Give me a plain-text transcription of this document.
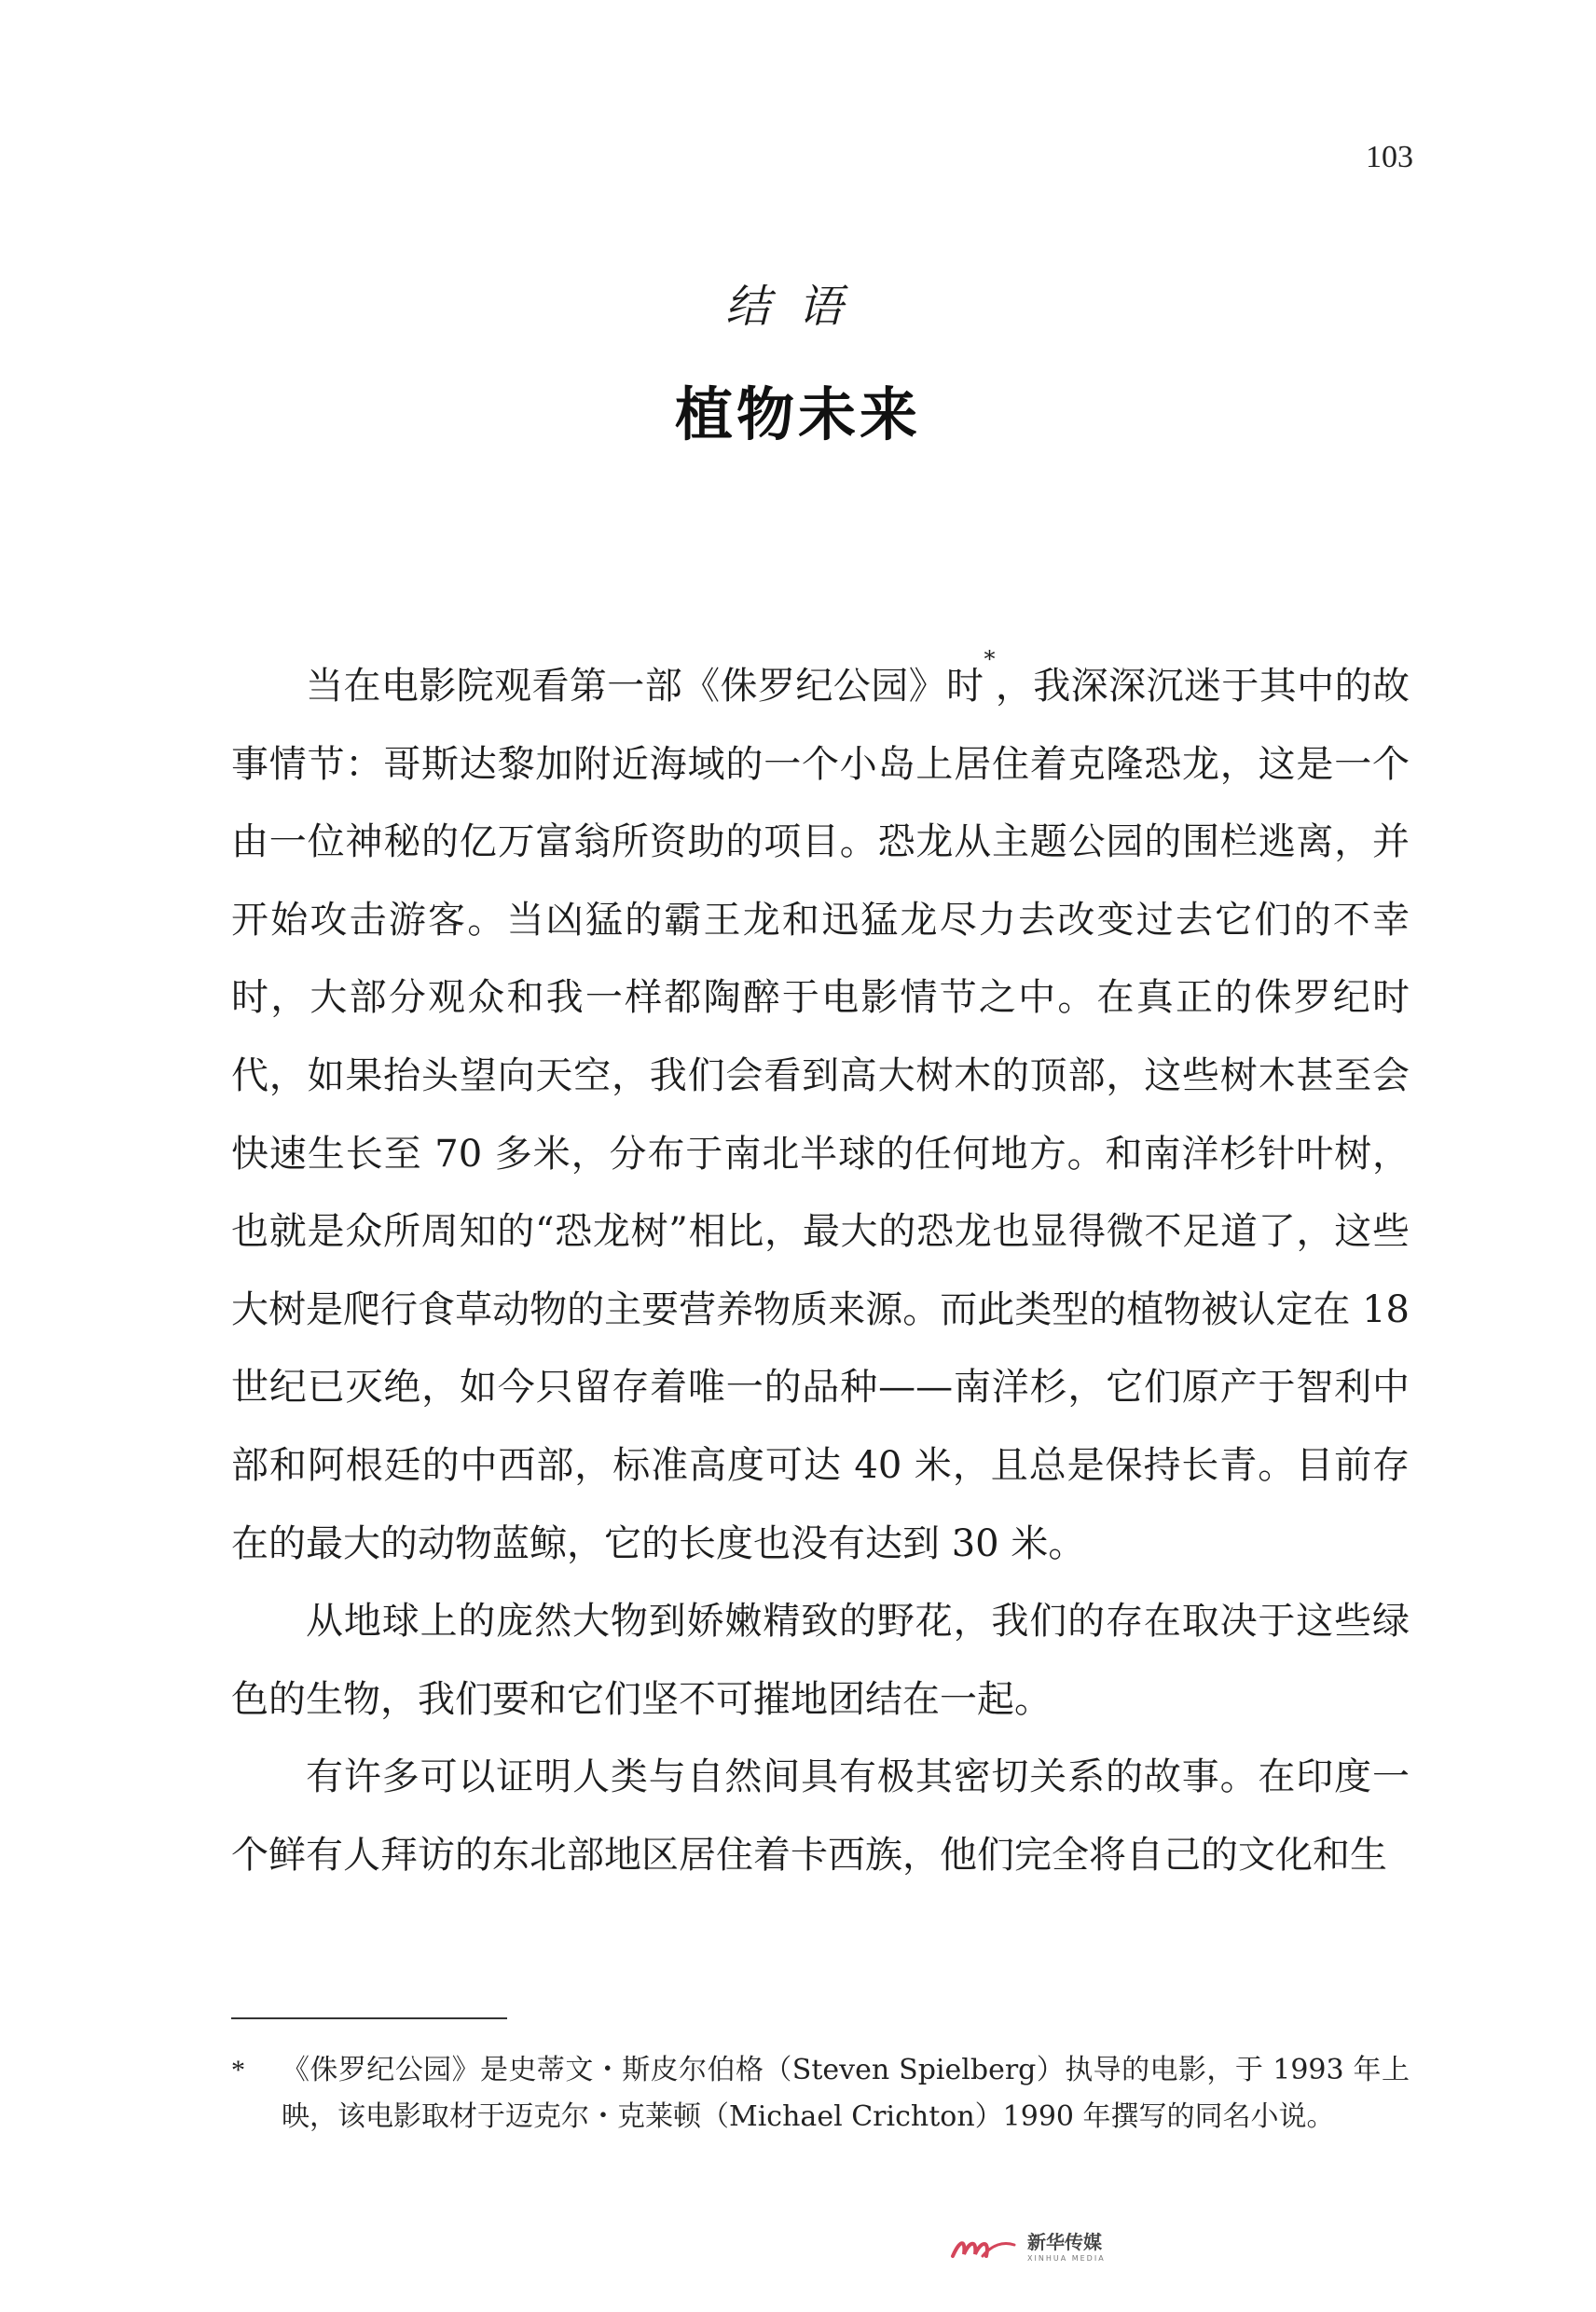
103
结语
植物未来

当在电影院观看第一部《侏罗纪公园》时*，我深深沉迷于其中的故事情节：哥斯达黎加附近海域的一个小岛上居住着克隆恐龙，这是一个由一位神秘的亿万富翁所资助的项目。恐龙从主题公园的围栏逃离，并开始攻击游客。当凶猛的霸王龙和迅猛龙尽力去改变过去它们的不幸时，大部分观众和我一样都陶醉于电影情节之中。在真正的侏罗纪时代，如果抬头望向天空，我们会看到高大树木的顶部，这些树木甚至会快速生长至 70 多米，分布于南北半球的任何地方。和南洋杉针叶树，也就是众所周知的“恐龙树”相比，最大的恐龙也显得微不足道了，这些大树是爬行食草动物的主要营养物质来源。而此类型的植物被认定在 18 世纪已灭绝，如今只留存着唯一的品种——南洋杉，它们原产于智利中部和阿根廷的中西部，标准高度可达 40 米，且总是保持长青。目前存在的最大的动物蓝鲸，它的长度也没有达到 30 米。

从地球上的庞然大物到娇嫩精致的野花，我们的存在取决于这些绿色的生物，我们要和它们坚不可摧地团结在一起。

有许多可以证明人类与自然间具有极其密切关系的故事。在印度一个鲜有人拜访的东北部地区居住着卡西族，他们完全将自己的文化和生

*	《侏罗纪公园》是史蒂文・斯皮尔伯格（Steven Spielberg）执导的电影，于 1993 年上映，该电影取材于迈克尔・克莱顿（Michael Crichton）1990 年撰写的同名小说。
新华传媒
XINHUA MEDIA
